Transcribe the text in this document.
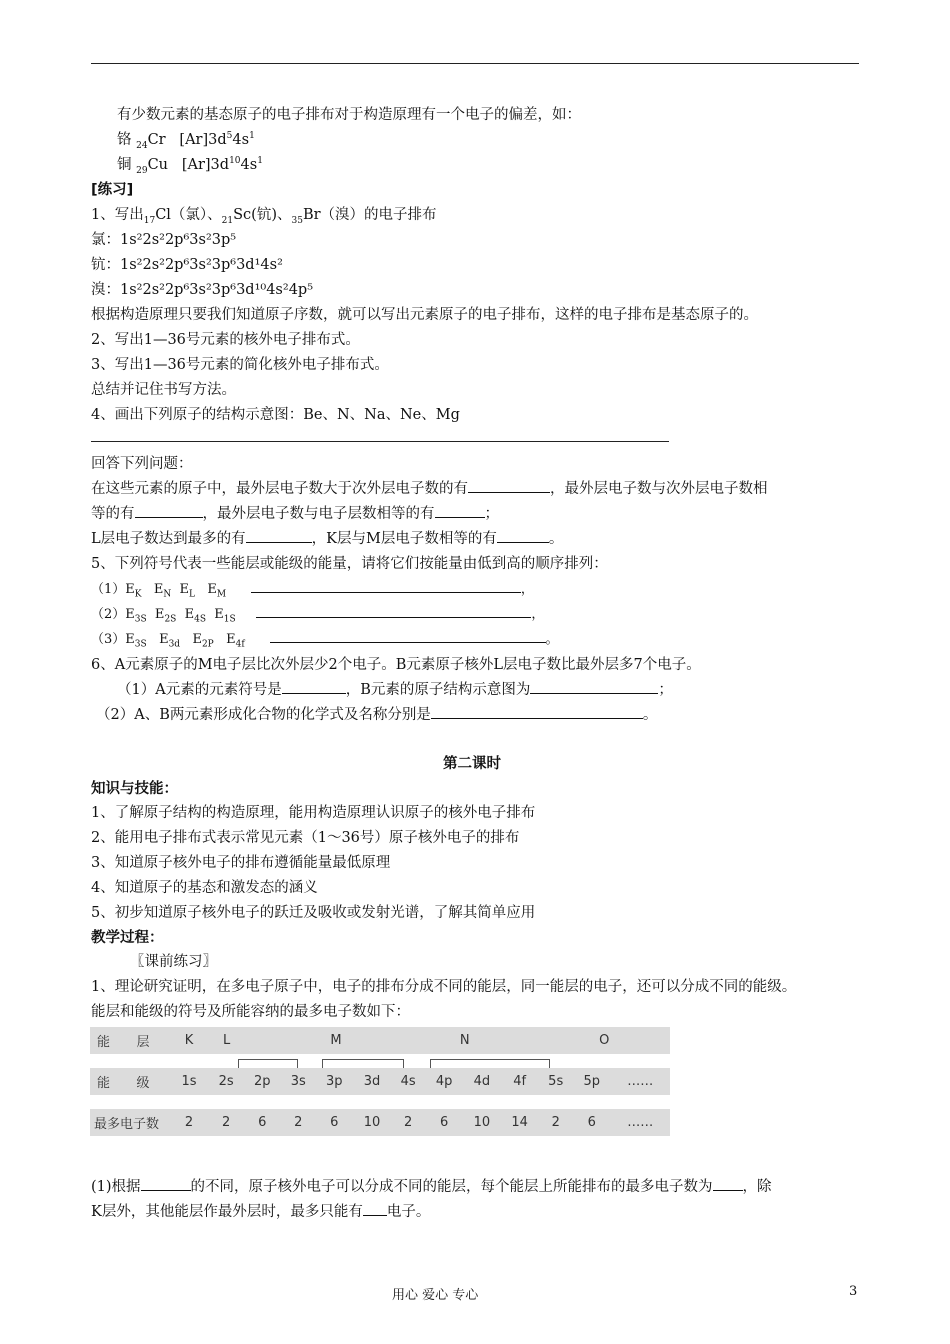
有少数元素的基态原子的电子排布对于构造原理有一个电子的偏差，如：
铬 $_{24}$Cr $[Ar]3d^54s^1$
铜 $_{29}$Cu $[Ar]3d^{10}4s^1$
[练习]
1、写出$_{17}$Cl（氯）、$_{21}$Sc(钪)、$_{35}$Br（溴）的电子排布
氯：1s²2s²2p⁶3s²3p⁵
钪：1s²2s²2p⁶3s²3p⁶3d¹4s²
溴：1s²2s²2p⁶3s²3p⁶3d¹⁰4s²4p⁵
根据构造原理只要我们知道原子序数，就可以写出元素原子的电子排布，这样的电子排布是基态原子的。
2、写出1—36号元素的核外电子排布式。
3、写出1—36号元素的简化核外电子排布式。
总结并记住书写方法。
4、画出下列原子的结构示意图：Be、N、Na、Ne、Mg
回答下列问题：
在这些元素的原子中，最外层电子数大于次外层电子数的有	，最外层电子数与次外层电子数相
等的有	，最外层电子数与电子层数相等的有	；
L层电子数达到最多的有	，K层与M层电子数相等的有	。
5、下列符号代表一些能层或能级的能量，请将它们按能量由低到高的顺序排列：
$(1)E_K$   $E_N$  $E_L$   $E_M$	，
$(2)E_{3S}$  $E_{2S}$  $E_{4S}$  $E_{1S}$	，
$(3)E_{3S}$   $E_{3d}$   $E_{2P}$   $E_{4f}$	。
6、A元素原子的M电子层比次外层少2个电子。B元素原子核外L层电子数比最外层多7个电子。
（1）A元素的元素符号是	，B元素的原子结构示意图为	；
（2）A、B两元素形成化合物的化学式及名称分别是	。
第二课时
知识与技能：
1、了解原子结构的构造原理，能用构造原理认识原子的核外电子排布
2、能用电子排布式表示常见元素（1～36号）原子核外电子的排布
3、知道原子核外电子的排布遵循能量最低原理
4、知道原子的基态和激发态的涵义
5、初步知道原子核外电子的跃迁及吸收或发射光谱，了解其简单应用
教学过程：
〖课前练习〗
1、理论研究证明，在多电子原子中，电子的排布分成不同的能层，同一能层的电子，还可以分成不同的能级。
能层和能级的符号及所能容纳的最多电子数如下：
能	层	K	L		M			N				O		

能	级	1s	2s	2p	3s	3p	3d	4s	4p	4d	4f	5s	5p	……

最多电子数		2	2	6	2	6	10	2	6	10	14	2	6	……
(1)根据	的不同，原子核外电子可以分成不同的能层，每个能层上所能排布的最多电子数为 ，除
K层外，其他能层作最外层时，最多只能有 电子。
用心 爱心 专心	3
